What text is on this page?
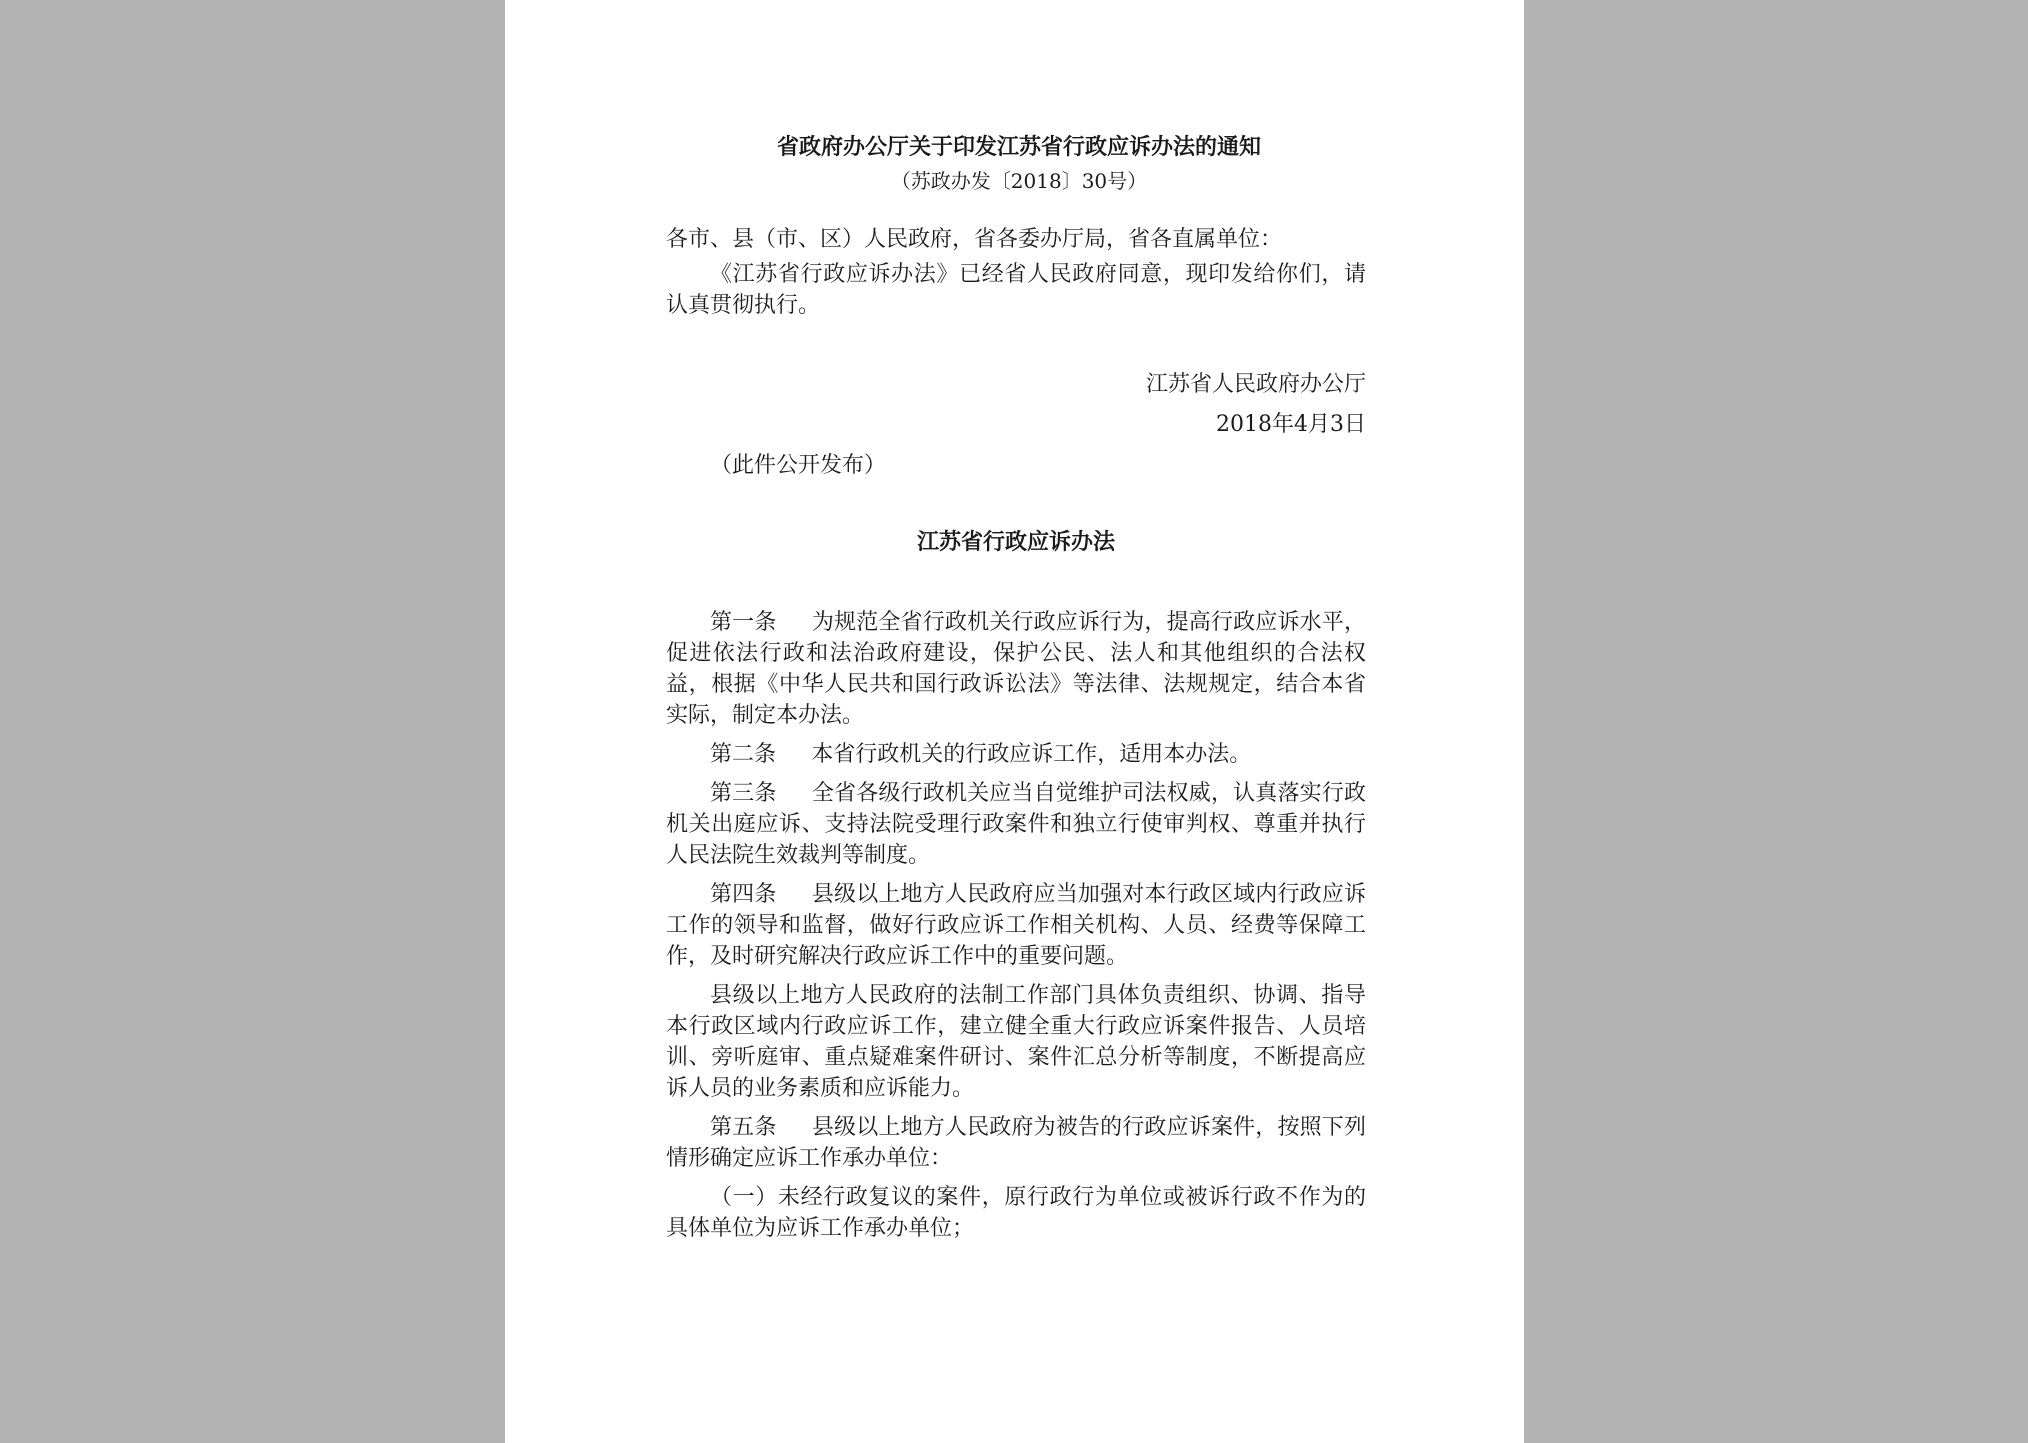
省政府办公厅关于印发江苏省行政应诉办法的通知

（苏政办发〔2018〕30号）

各市、县（市、区）人民政府，省各委办厅局，省各直属单位：

《江苏省行政应诉办法》已经省人民政府同意，现印发给你们，请认真贯彻执行。

江苏省人民政府办公厅

2018年4月3日

（此件公开发布）

江苏省行政应诉办法

第一条 为规范全省行政机关行政应诉行为，提高行政应诉水平，促进依法行政和法治政府建设，保护公民、法人和其他组织的合法权益，根据《中华人民共和国行政诉讼法》等法律、法规规定，结合本省实际，制定本办法。

第二条 本省行政机关的行政应诉工作，适用本办法。

第三条 全省各级行政机关应当自觉维护司法权威，认真落实行政机关出庭应诉、支持法院受理行政案件和独立行使审判权、尊重并执行人民法院生效裁判等制度。

第四条 县级以上地方人民政府应当加强对本行政区域内行政应诉工作的领导和监督，做好行政应诉工作相关机构、人员、经费等保障工作，及时研究解决行政应诉工作中的重要问题。

县级以上地方人民政府的法制工作部门具体负责组织、协调、指导本行政区域内行政应诉工作，建立健全重大行政应诉案件报告、人员培训、旁听庭审、重点疑难案件研讨、案件汇总分析等制度，不断提高应诉人员的业务素质和应诉能力。

第五条 县级以上地方人民政府为被告的行政应诉案件，按照下列情形确定应诉工作承办单位：

（一）未经行政复议的案件，原行政行为单位或被诉行政不作为的具体单位为应诉工作承办单位；
